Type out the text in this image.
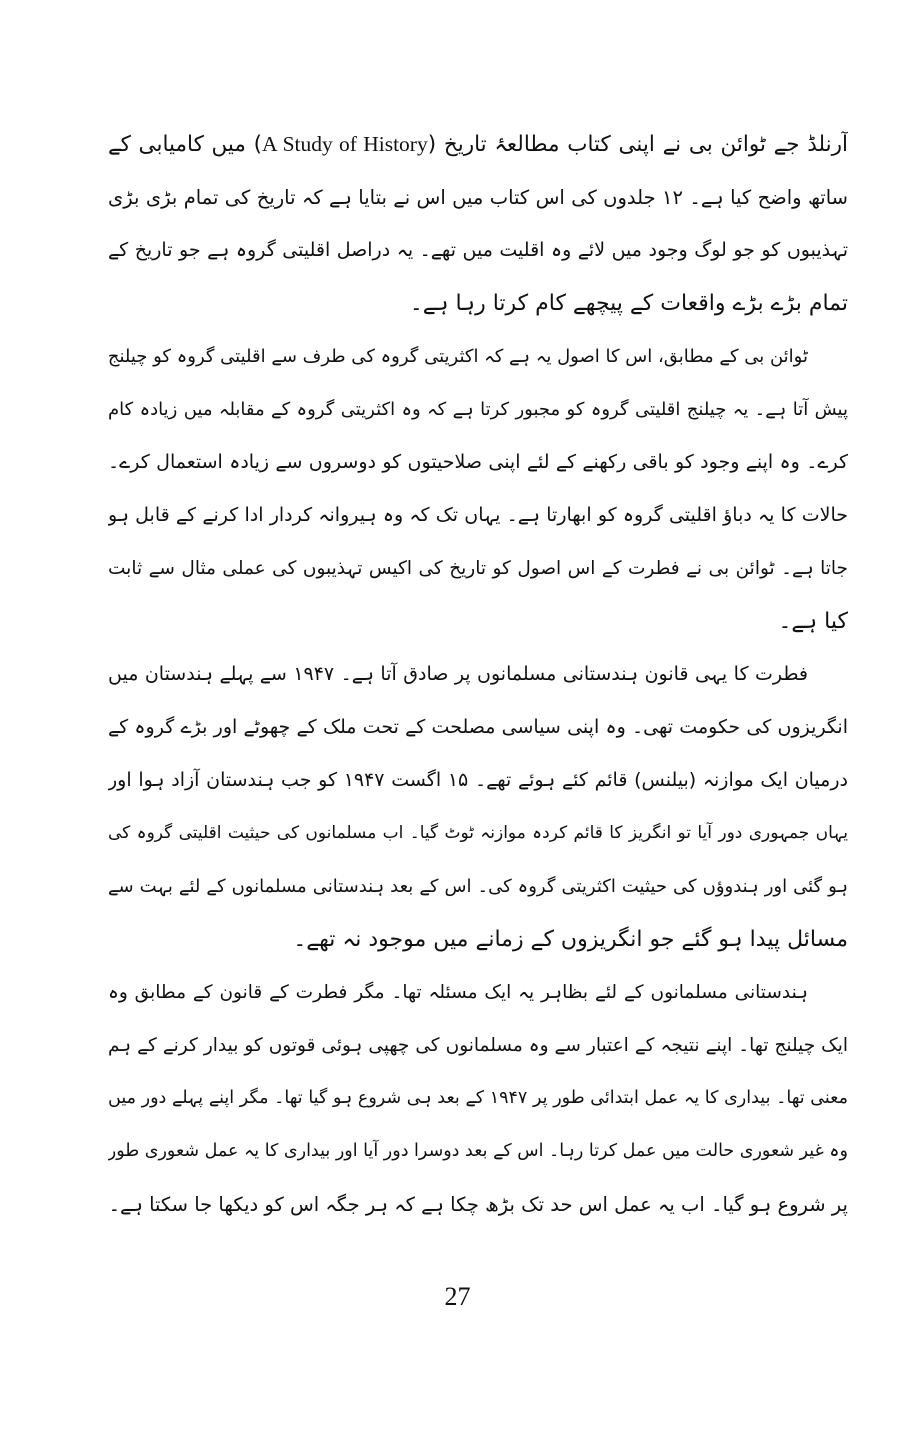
آرنلڈ جے ٹوائن بی نے اپنی کتاب مطالعۂ تاریخ (A Study of History) میں کامیابی کے
ساتھ واضح کیا ہے۔ ۱۲ جلدوں کی اس کتاب میں اس نے بتایا ہے کہ تاریخ کی تمام بڑی بڑی
تہذیبوں کو جو لوگ وجود میں لائے وہ اقلیت میں تھے۔ یہ دراصل اقلیتی گروہ ہے جو تاریخ کے
تمام بڑے بڑے واقعات کے پیچھے کام کرتا رہا ہے۔
ٹوائن بی کے مطابق، اس کا اصول یہ ہے کہ اکثریتی گروہ کی طرف سے اقلیتی گروہ کو چیلنج
پیش آتا ہے۔ یہ چیلنج اقلیتی گروہ کو مجبور کرتا ہے کہ وہ اکثریتی گروہ کے مقابلہ میں زیادہ کام
کرے۔ وہ اپنے وجود کو باقی رکھنے کے لئے اپنی صلاحیتوں کو دوسروں سے زیادہ استعمال کرے۔
حالات کا یہ دباؤ اقلیتی گروہ کو ابھارتا ہے۔ یہاں تک کہ وہ ہیروانہ کردار ادا کرنے کے قابل ہو
جاتا ہے۔ ٹوائن بی نے فطرت کے اس اصول کو تاریخ کی اکیس تہذیبوں کی عملی مثال سے ثابت
کیا ہے۔
فطرت کا یہی قانون ہندستانی مسلمانوں پر صادق آتا ہے۔ ۱۹۴۷ سے پہلے ہندستان میں
انگریزوں کی حکومت تھی۔ وہ اپنی سیاسی مصلحت کے تحت ملک کے چھوٹے اور بڑے گروہ کے
درمیان ایک موازنہ (بیلنس) قائم کئے ہوئے تھے۔ ۱۵ اگست ۱۹۴۷ کو جب ہندستان آزاد ہوا اور
یہاں جمہوری دور آیا تو انگریز کا قائم کردہ موازنہ ٹوٹ گیا۔ اب مسلمانوں کی حیثیت اقلیتی گروہ کی
ہو گئی اور ہندوؤں کی حیثیت اکثریتی گروہ کی۔ اس کے بعد ہندستانی مسلمانوں کے لئے بہت سے
مسائل پیدا ہو گئے جو انگریزوں کے زمانے میں موجود نہ تھے۔
ہندستانی مسلمانوں کے لئے بظاہر یہ ایک مسئلہ تھا۔ مگر فطرت کے قانون کے مطابق وہ
ایک چیلنج تھا۔ اپنے نتیجہ کے اعتبار سے وہ مسلمانوں کی چھپی ہوئی قوتوں کو بیدار کرنے کے ہم
معنی تھا۔ بیداری کا یہ عمل ابتدائی طور پر ۱۹۴۷ کے بعد ہی شروع ہو گیا تھا۔ مگر اپنے پہلے دور میں
وہ غیر شعوری حالت میں عمل کرتا رہا۔ اس کے بعد دوسرا دور آیا اور بیداری کا یہ عمل شعوری طور
پر شروع ہو گیا۔ اب یہ عمل اس حد تک بڑھ چکا ہے کہ ہر جگہ اس کو دیکھا جا سکتا ہے۔
27
